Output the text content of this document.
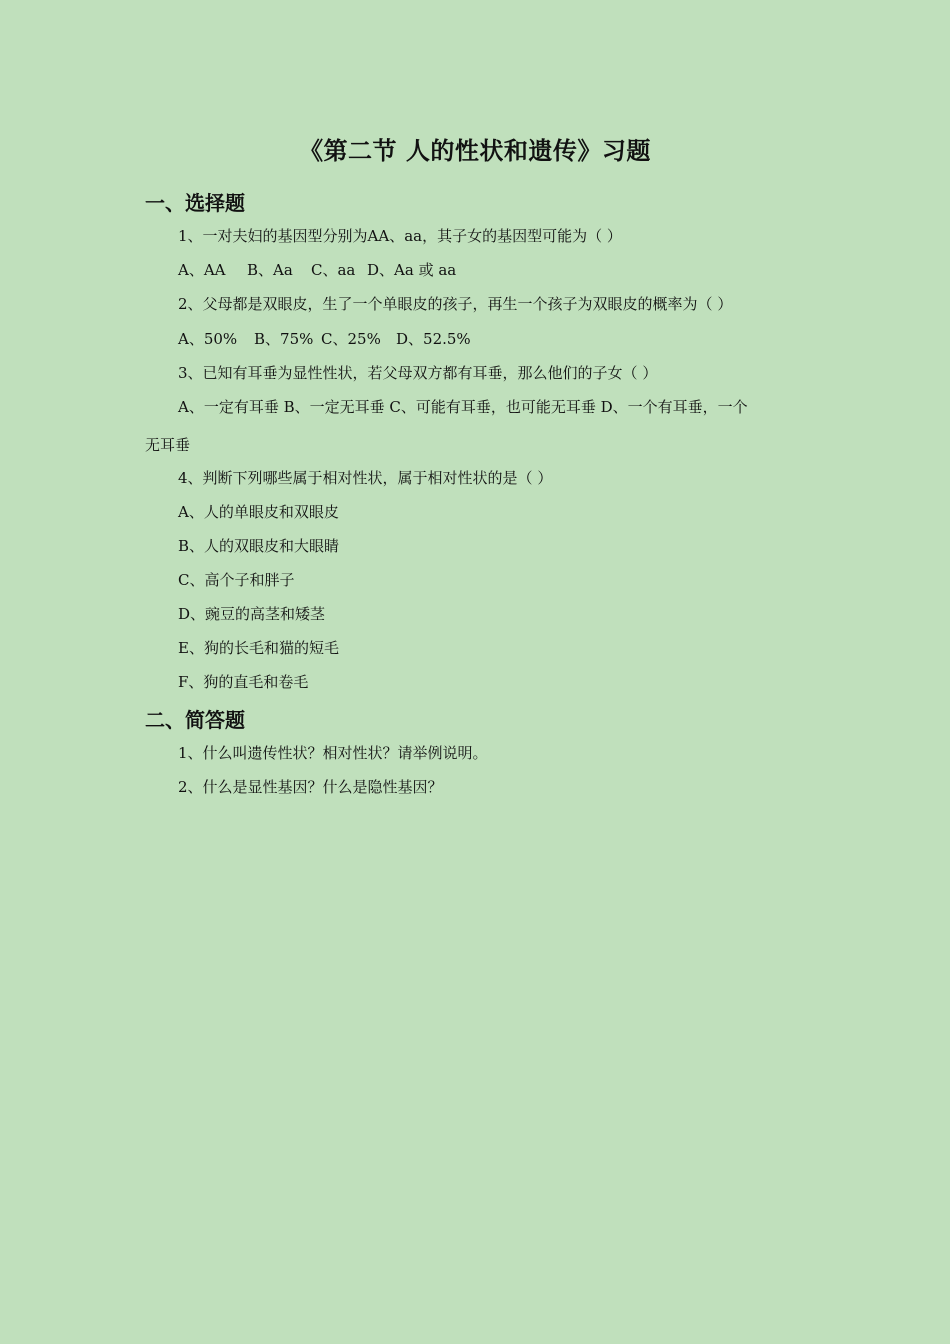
《第二节 人的性状和遗传》习题
一、选择题
1、一对夫妇的基因型分别为AA、aa，其子女的基因型可能为（ ）
A、AA B、Aa C、aa D、Aa 或 aa
2、父母都是双眼皮，生了一个单眼皮的孩子，再生一个孩子为双眼皮的概率为（ ）
A、50% B、75% C、25% D、52.5%
3、已知有耳垂为显性性状，若父母双方都有耳垂，那么他们的子女（ ）
A、一定有耳垂 B、一定无耳垂 C、可能有耳垂，也可能无耳垂 D、一个有耳垂，一个
无耳垂
4、判断下列哪些属于相对性状，属于相对性状的是（ ）
A、人的单眼皮和双眼皮
B、人的双眼皮和大眼睛
C、高个子和胖子
D、豌豆的高茎和矮茎
E、狗的长毛和猫的短毛
F、狗的直毛和卷毛
二、简答题
1、什么叫遗传性状？相对性状？请举例说明。
2、什么是显性基因？什么是隐性基因？
